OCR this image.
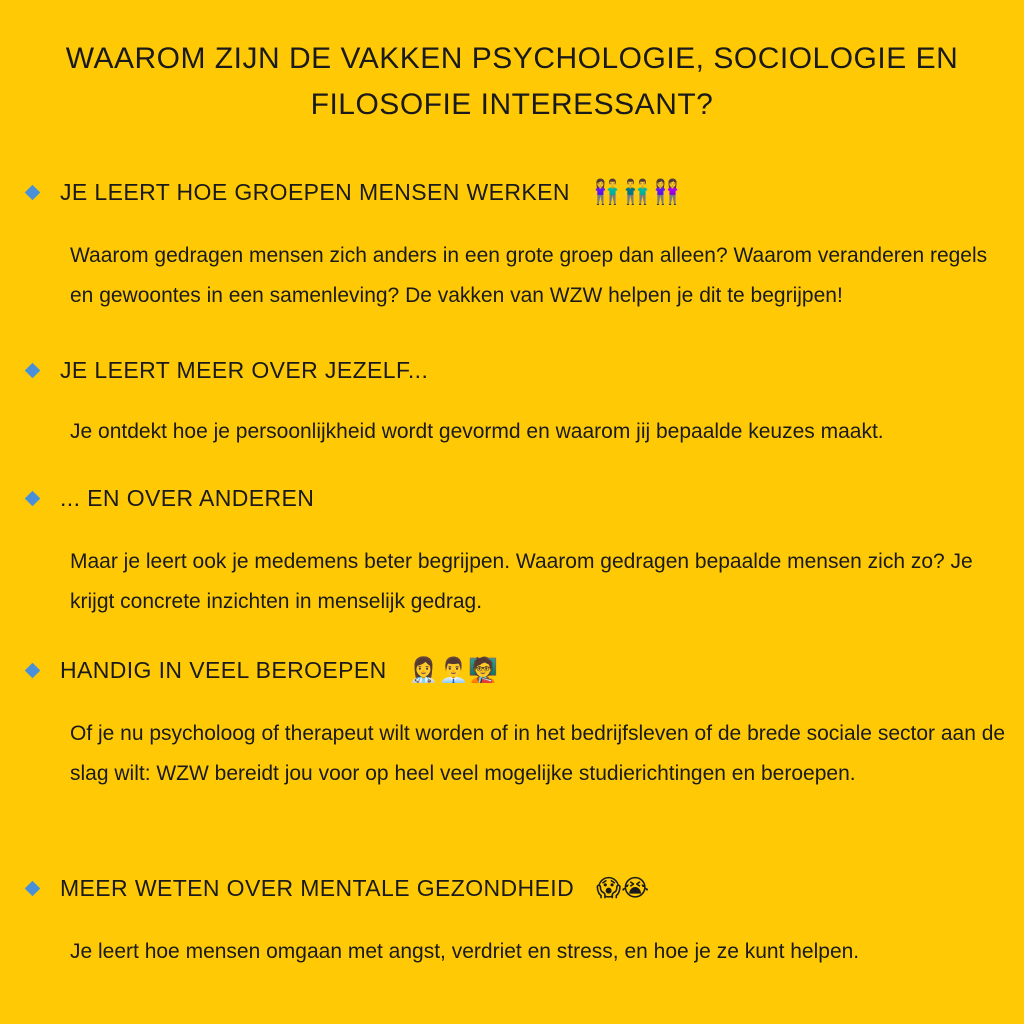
WAAROM ZIJN DE VAKKEN PSYCHOLOGIE, SOCIOLOGIE EN
FILOSOFIE INTERESSANT?
JE LEERT HOE GROEPEN MENSEN WERKEN 👫👬👭
Waarom gedragen mensen zich anders in een grote groep dan alleen? Waarom veranderen regels en gewoontes in een samenleving? De vakken van WZW helpen je dit te begrijpen!
JE LEERT MEER OVER JEZELF...
Je ontdekt hoe je persoonlijkheid wordt gevormd en waarom jij bepaalde keuzes maakt.
... EN OVER ANDEREN
Maar je leert ook je medemens beter begrijpen. Waarom gedragen bepaalde mensen zich zo? Je krijgt concrete inzichten in menselijk gedrag.
HANDIG IN VEEL BEROEPEN 👩‍⚕️👨‍💼🧑‍🏫
Of je nu psycholoog of therapeut wilt worden of in het bedrijfsleven of de brede sociale sector aan de slag wilt: WZW bereidt jou voor op heel veel mogelijke studierichtingen en beroepen.
MEER WETEN OVER MENTALE GEZONDHEID 😱😭
Je leert hoe mensen omgaan met angst, verdriet en stress, en hoe je ze kunt helpen.
